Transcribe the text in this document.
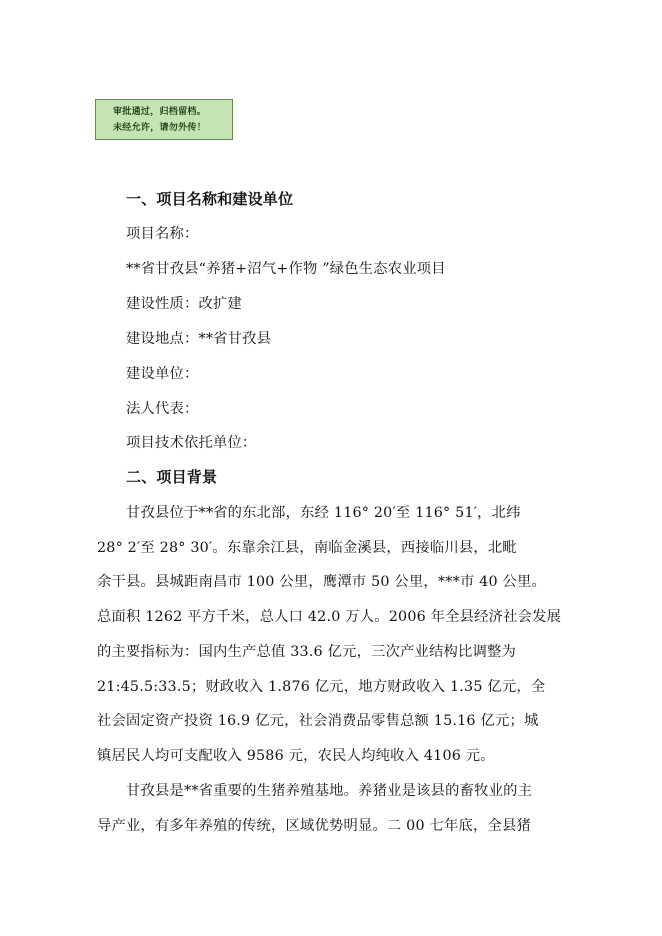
审批通过，归档留档。
未经允许，请勿外传！
一、项目名称和建设单位
项目名称：
**省甘孜县“养猪+沼气+作物 ”绿色生态农业项目
建设性质：改扩建
建设地点：**省甘孜县
建设单位：
法人代表：
项目技术依托单位：
二、项目背景
甘孜县位于**省的东北部，东经 116° 20′至 116° 51′，北纬
28° 2′至 28° 30′。东靠余江县，南临金溪县，西接临川县，北毗
余干县。县城距南昌市 100 公里，鹰潭市 50 公里，***市 40 公里。
总面积 1262 平方千米，总人口 42.0 万人。2006 年全县经济社会发展
的主要指标为：国内生产总值 33.6 亿元，三次产业结构比调整为
21:45.5:33.5；财政收入 1.876 亿元，地方财政收入 1.35 亿元，全
社会固定资产投资 16.9 亿元，社会消费品零售总额 15.16 亿元；城
镇居民人均可支配收入 9586 元，农民人均纯收入 4106 元。
甘孜县是**省重要的生猪养殖基地。养猪业是该县的畜牧业的主
导产业，有多年养殖的传统，区域优势明显。二 00 七年底，全县猪
